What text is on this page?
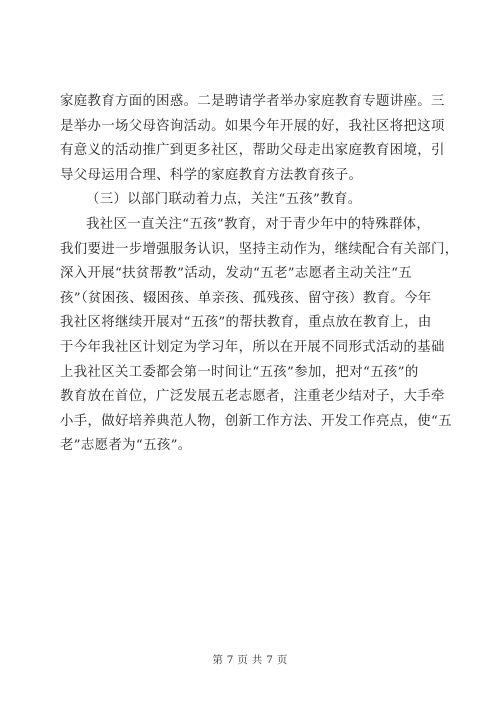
家庭教育方面的困惑。二是聘请学者举办家庭教育专题讲座。三
是举办一场父母咨询活动。如果今年开展的好，我社区将把这项
有意义的活动推广到更多社区，帮助父母走出家庭教育困境，引
导父母运用合理、科学的家庭教育方法教育孩子。
（三）以部门联动着力点，关注“五孩”教育。
我社区一直关注“五孩”教育，对于青少年中的特殊群体，
我们要进一步增强服务认识，坚持主动作为，继续配合有关部门，
深入开展“扶贫帮教”活动，发动“五老”志愿者主动关注“五
孩”（贫困孩、辍困孩、单亲孩、孤残孩、留守孩）教育。今年
我社区将继续开展对“五孩”的帮扶教育，重点放在教育上，由
于今年我社区计划定为学习年，所以在开展不同形式活动的基础
上我社区关工委都会第一时间让“五孩”参加，把对“五孩”的
教育放在首位，广泛发展五老志愿者，注重老少结对子，大手牵
小手，做好培养典范人物，创新工作方法、开发工作亮点，使“五
老”志愿者为“五孩”。
第 7 页 共 7 页
